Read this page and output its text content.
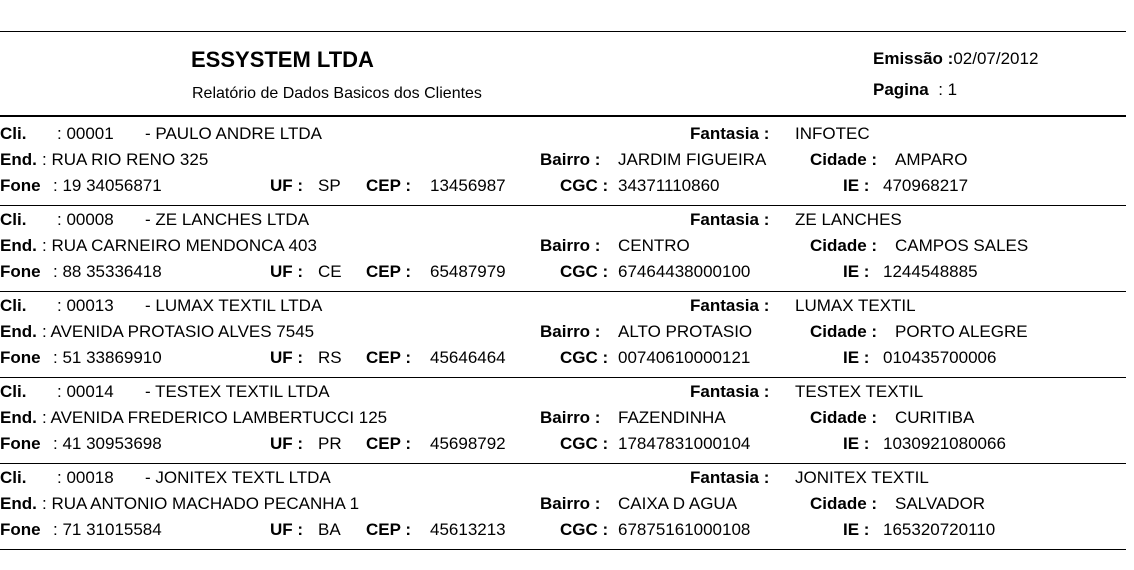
ESSYSTEM LTDA
Relatório de Dados Basicos dos Clientes
Emissão :02/07/2012
Pagina : 1
Cli. : 00001 - PAULO ANDRE LTDA	Fantasia : INFOTEC
End. : RUA RIO RENO 325	Bairro : JARDIM FIGUEIRA	Cidade : AMPARO
Fone : 19 34056871	UF : SP CEP : 13456987	CGC : 34371110860	IE : 470968217
Cli. : 00008 - ZE LANCHES LTDA	Fantasia : ZE LANCHES
End. : RUA CARNEIRO MENDONCA 403	Bairro : CENTRO	Cidade : CAMPOS SALES
Fone : 88 35336418	UF : CE CEP : 65487979	CGC : 67464438000100	IE : 1244548885
Cli. : 00013 - LUMAX TEXTIL LTDA	Fantasia : LUMAX TEXTIL
End. : AVENIDA PROTASIO ALVES 7545	Bairro : ALTO PROTASIO	Cidade : PORTO ALEGRE
Fone : 51 33869910	UF : RS CEP : 45646464	CGC : 00740610000121	IE : 010435700006
Cli. : 00014 - TESTEX TEXTIL LTDA	Fantasia : TESTEX TEXTIL
End. : AVENIDA FREDERICO LAMBERTUCCI 125	Bairro : FAZENDINHA	Cidade : CURITIBA
Fone : 41 30953698	UF : PR CEP : 45698792	CGC : 17847831000104	IE : 1030921080066
Cli. : 00018 - JONITEX TEXTL LTDA	Fantasia : JONITEX TEXTIL
End. : RUA ANTONIO MACHADO PECANHA 1	Bairro : CAIXA D AGUA	Cidade : SALVADOR
Fone : 71 31015584	UF : BA CEP : 45613213	CGC : 67875161000108	IE : 165320720110
